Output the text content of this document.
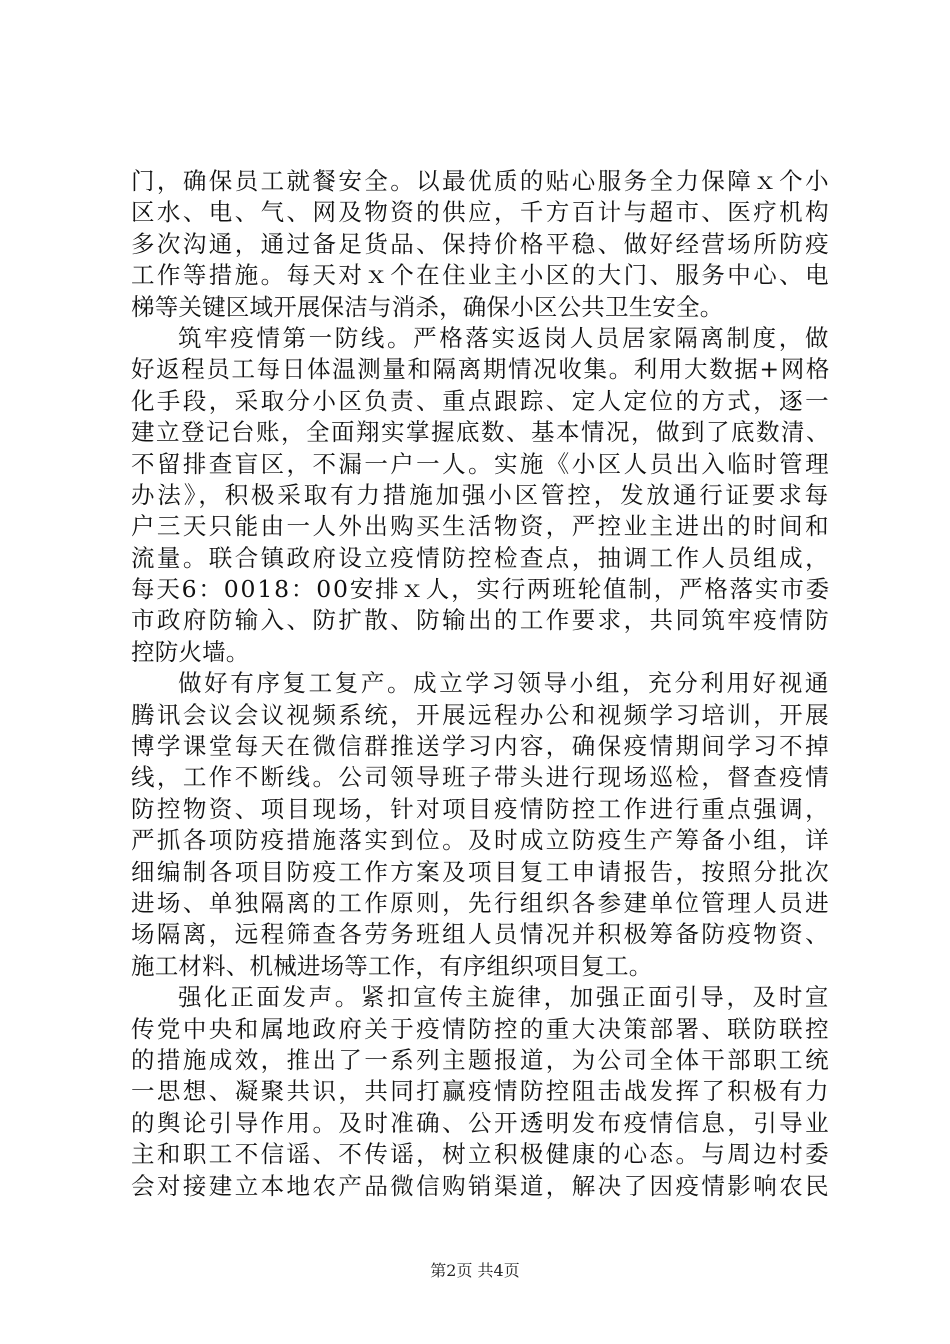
门，确保员工就餐安全。以最优质的贴心服务全力保障ｘ个小
区水、电、气、网及物资的供应，千方百计与超市、医疗机构
多次沟通，通过备足货品、保持价格平稳、做好经营场所防疫
工作等措施。每天对ｘ个在住业主小区的大门、服务中心、电
梯等关键区域开展保洁与消杀，确保小区公共卫生安全。
筑牢疫情第一防线。严格落实返岗人员居家隔离制度，做
好返程员工每日体温测量和隔离期情况收集。利用大数据+网格
化手段，采取分小区负责、重点跟踪、定人定位的方式，逐一
建立登记台账，全面翔实掌握底数、基本情况，做到了底数清、
不留排查盲区，不漏一户一人。实施《小区人员出入临时管理
办法》，积极采取有力措施加强小区管控，发放通行证要求每
户三天只能由一人外出购买生活物资，严控业主进出的时间和
流量。联合镇政府设立疫情防控检查点，抽调工作人员组成，
每天6：0018：00安排ｘ人，实行两班轮值制，严格落实市委
市政府防输入、防扩散、防输出的工作要求，共同筑牢疫情防
控防火墙。
做好有序复工复产。成立学习领导小组，充分利用好视通
腾讯会议会议视频系统，开展远程办公和视频学习培训，开展
博学课堂每天在微信群推送学习内容，确保疫情期间学习不掉
线，工作不断线。公司领导班子带头进行现场巡检，督查疫情
防控物资、项目现场，针对项目疫情防控工作进行重点强调，
严抓各项防疫措施落实到位。及时成立防疫生产筹备小组，详
细编制各项目防疫工作方案及项目复工申请报告，按照分批次
进场、单独隔离的工作原则，先行组织各参建单位管理人员进
场隔离，远程筛查各劳务班组人员情况并积极筹备防疫物资、
施工材料、机械进场等工作，有序组织项目复工。
强化正面发声。紧扣宣传主旋律，加强正面引导，及时宣
传党中央和属地政府关于疫情防控的重大决策部署、联防联控
的措施成效，推出了一系列主题报道，为公司全体干部职工统
一思想、凝聚共识，共同打赢疫情防控阻击战发挥了积极有力
的舆论引导作用。及时准确、公开透明发布疫情信息，引导业
主和职工不信谣、不传谣，树立积极健康的心态。与周边村委
会对接建立本地农产品微信购销渠道，解决了因疫情影响农民
第2页 共4页
